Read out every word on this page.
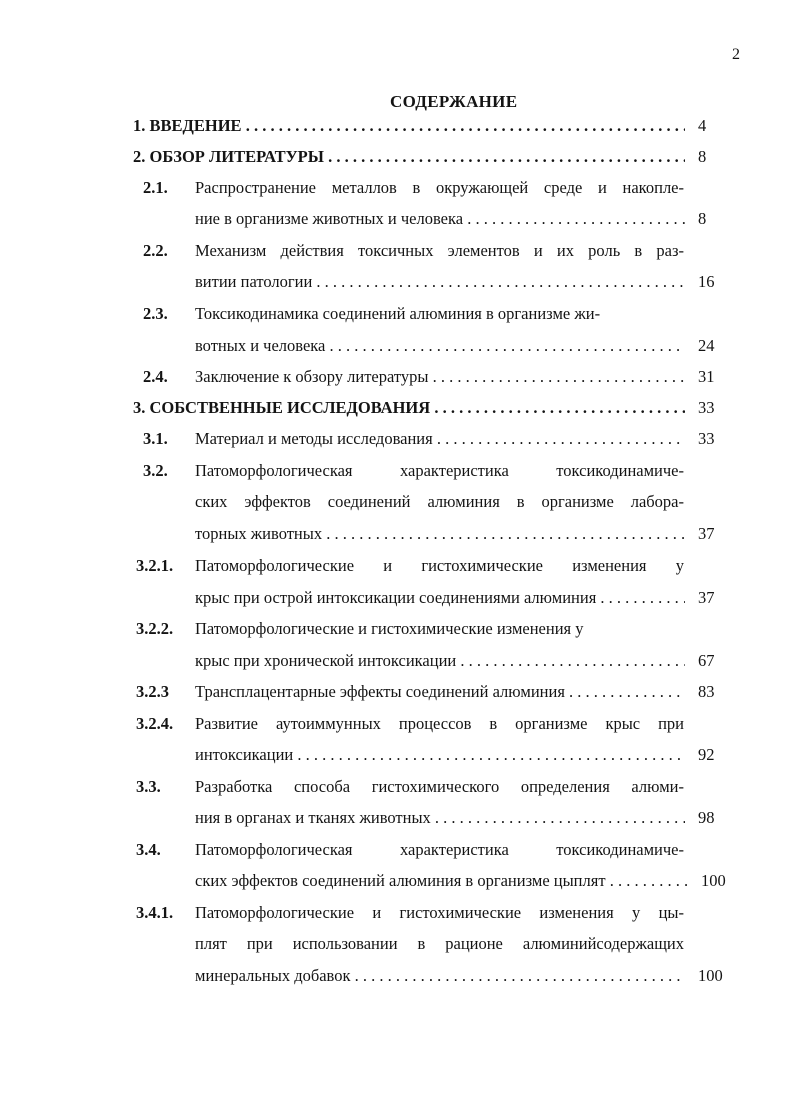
2
СОДЕРЖАНИЕ
1. ВВЕДЕНИЕ . . .	4
2. ОБЗОР ЛИТЕРАТУРЫ . . .	8
2.1. Распространение металлов в окружающей среде и накопле-
ние в организме животных и человека . . .	8
2.2. Механизм действия токсичных элементов и их роль в раз-
витии патологии . . .	16
2.3. Токсикодинамика соединений алюминия в организме жи-
вотных и человека . . .	24
2.4. Заключение к обзору литературы . . .	31
3. СОБСТВЕННЫЕ ИССЛЕДОВАНИЯ . . .	33
3.1. Материал и методы исследования . . .	33
3.2. Патоморфологическая характеристика токсикодинамиче-
ских эффектов соединений алюминия в организме лабора-
торных животных . . .	37
3.2.1. Патоморфологические и гистохимические изменения у
крыс при острой интоксикации соединениями алюминия . . .	37
3.2.2. Патоморфологические и гистохимические изменения у
крыс при хронической интоксикации . . .	67
3.2.3 Трансплацентарные эффекты соединений алюминия . . .	83
3.2.4. Развитие аутоиммунных процессов в организме крыс при
интоксикации . . .	92
3.3. Разработка способа гистохимического определения алюми-
ния в органах и тканях животных . . .	98
3.4. Патоморфологическая характеристика токсикодинамиче-
ских эффектов соединений алюминия в организме цыплят . . .	100
3.4.1. Патоморфологические и гистохимические изменения у цы-
плят при использовании в рационе алюминийсодержащих
минеральных добавок . . .	100
